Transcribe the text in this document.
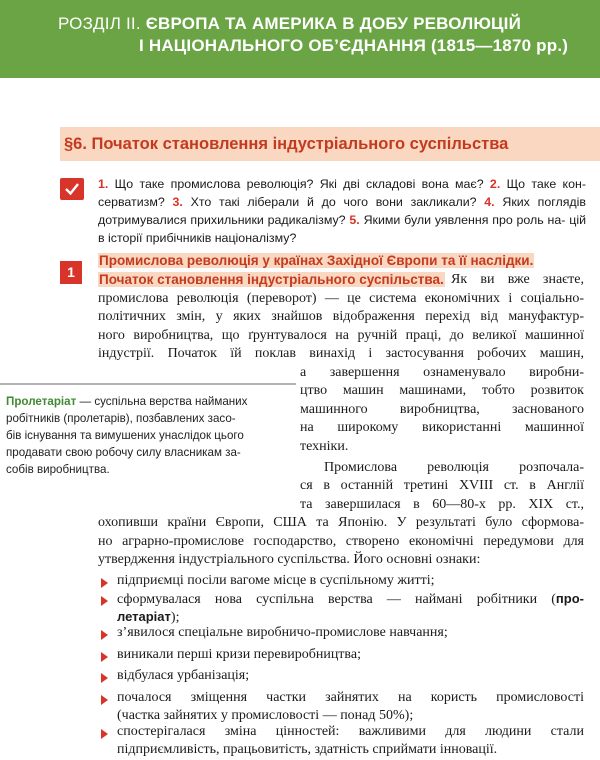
РОЗДІЛ ІІ. ЄВРОПА ТА АМЕРИКА В ДОБУ РЕВОЛЮЦІЙ
І НАЦІОНАЛЬНОГО ОБ’ЄДНАННЯ (1815—1870 рр.)
§6. Початок становлення індустріального суспільства
1. Що таке промислова революція? Які дві складові вона має? 2. Що таке кон- серватизм? 3. Хто такі ліберали й до чого вони закликали? 4. Яких поглядів дотримувалися прихильники радикалізму? 5. Якими були уявлення про роль на- цій в історії прибічників націоналізму?
1
Промислова революція у країнах Західної Європи та її наслідки.
Початок становлення індустріального суспільства. Як ви вже знаєте,
промислова революція (переворот) — це система економічних і соціально-
політичних змін, у яких знайшов відображення перехід від мануфактур-
ного виробництва, що ґрунтувалося на ручній праці, до великої машинної
індустрії. Початок їй поклав винахід і застосування робочих машин,
а завершення ознаменувало виробни-
цтво машин машинами, тобто розвиток
машинного виробництва, заснованого
на широкому використанні машинної
техніки.
Промислова революція розпочала-
ся в останній третині XVIII ст. в Англії
та завершилася в 60—80-х рр. XIX ст.,
охопивши країни Європи, США та Японію. У результаті було сформова-
но аграрно-промислове господарство, створено економічні передумови для
утвердження індустріального суспільства. Його основні ознаки:
Пролетаріат — суспільна верства найманих
робітників (пролетарів), позбавлених засо-
бів існування та вимушених унаслідок цього
продавати свою робочу силу власникам за-
собів виробництва.
підприємці посіли вагоме місце в суспільному житті;
сформувалася нова суспільна верства — наймані робітники (про-
летаріат);
з’явилося спеціальне виробничо-промислове навчання;
виникали перші кризи перевиробництва;
відбулася урбанізація;
почалося зміщення частки зайнятих на користь промисловості
(частка зайнятих у промисловості — понад 50%);
спостерігалася зміна цінностей: важливими для людини стали
підприємливість, працьовитість, здатність сприймати інновації.
